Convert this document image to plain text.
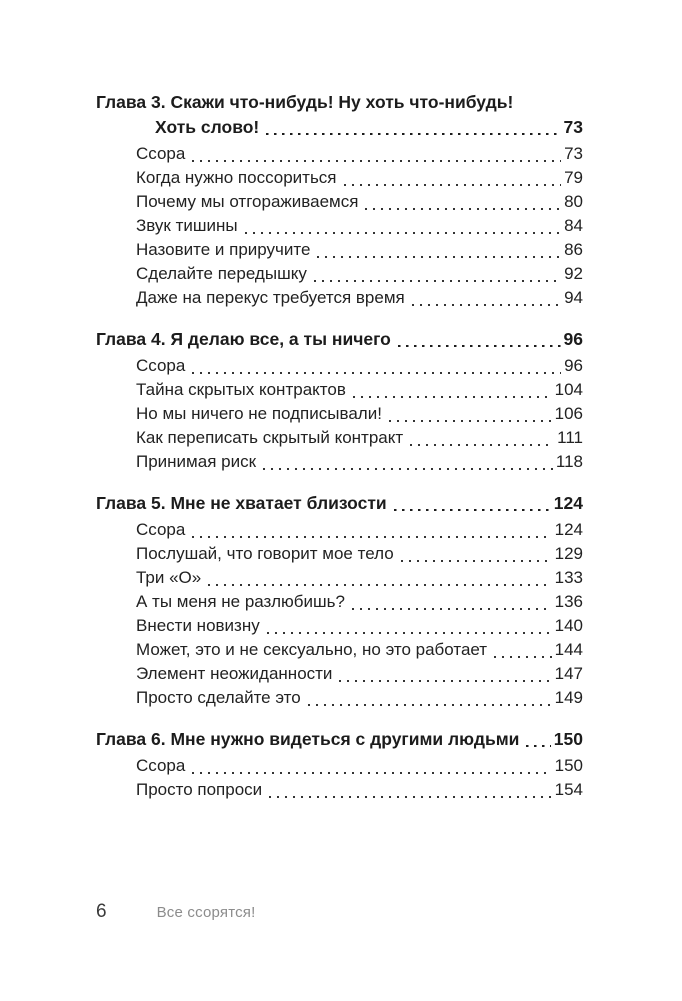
Глава 3. Скажи что-нибудь! Ну хоть что-нибудь!
Хоть слово!	73
Ссора	73
Когда нужно поссориться	79
Почему мы отгораживаемся	80
Звук тишины	84
Назовите и приручите	86
Сделайте передышку	92
Даже на перекус требуется время	94
Глава 4. Я делаю все, а ты ничего	96
Ссора	96
Тайна скрытых контрактов	104
Но мы ничего не подписывали!	106
Как переписать скрытый контракт	111
Принимая риск	118
Глава 5. Мне не хватает близости	124
Ссора	124
Послушай, что говорит мое тело	129
Три «О»	133
А ты меня не разлюбишь?	136
Внести новизну	140
Может, это и не сексуально, но это работает	144
Элемент неожиданности	147
Просто сделайте это	149
Глава 6. Мне нужно видеться с другими людьми 150
Ссора	150
Просто попроси	154
6	Все ссорятся!
